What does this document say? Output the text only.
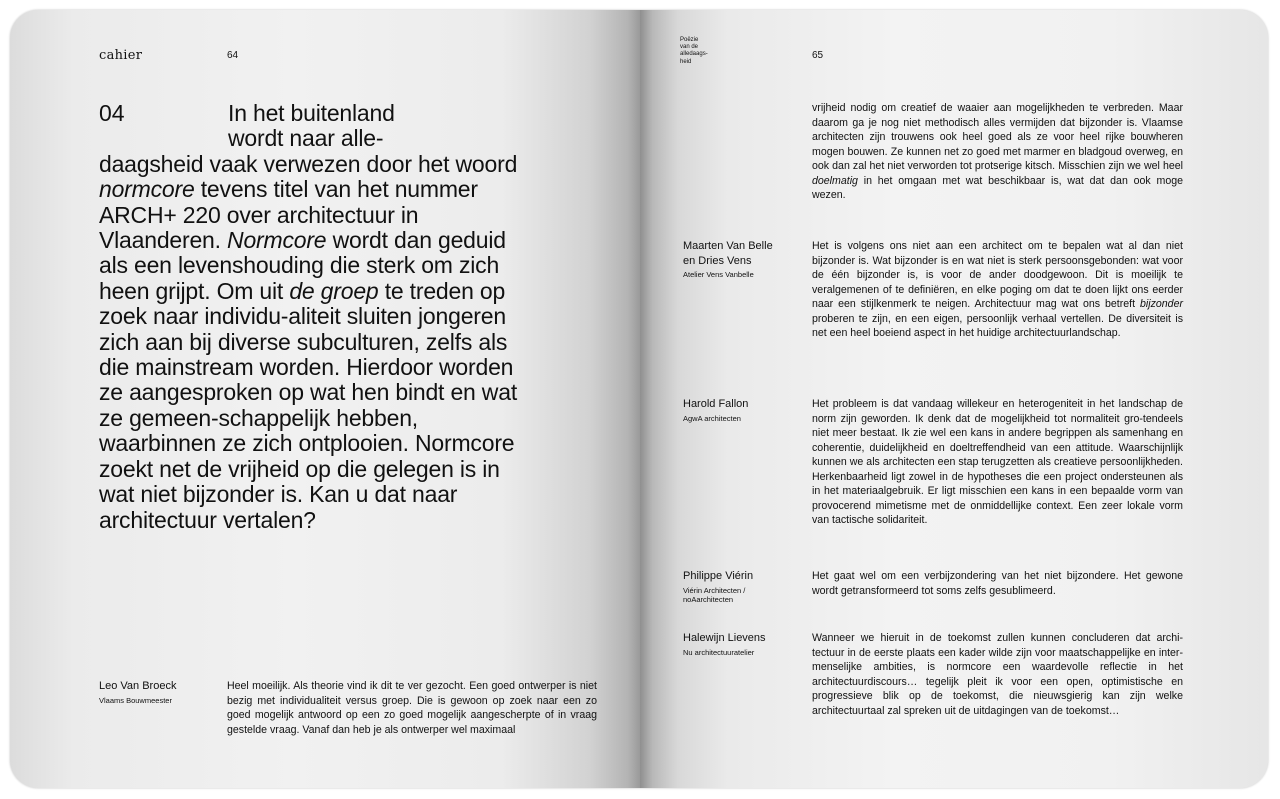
cahier	64
04	In het buitenland
wordt naar alle-
daagsheid vaak verwezen door het woord normcore tevens titel van het nummer ARCH+ 220 over architectuur in Vlaanderen. Normcore wordt dan geduid als een levenshouding die sterk om zich heen grijpt. Om uit de groep te treden op zoek naar individu-aliteit sluiten jongeren zich aan bij diverse subculturen, zelfs als die mainstream worden. Hierdoor worden ze aangesproken op wat hen bindt en wat ze gemeen-schappelijk hebben, waarbinnen ze zich ontplooien. Normcore zoekt net de vrijheid op die gelegen is in wat niet bijzonder is. Kan u dat naar architectuur vertalen?
Leo Van Broeck
Vlaams Bouwmeester
Heel moeilijk. Als theorie vind ik dit te ver gezocht. Een goed ontwerper is niet bezig met individualiteit versus groep. Die is gewoon op zoek naar een zo goed mogelijk antwoord op een zo goed mogelijk aangescherpte of in vraag gestelde vraag. Vanaf dan heb je als ontwerper wel maximaal
Poëzie
van de
alledaags-
heid
65
vrijheid nodig om creatief de waaier aan mogelijkheden te verbreden. Maar daarom ga je nog niet methodisch alles vermijden dat bijzonder is. Vlaamse architecten zijn trouwens ook heel goed als ze voor heel rijke bouwheren mogen bouwen. Ze kunnen net zo goed met marmer en bladgoud overweg, en ook dan zal het niet verworden tot protserige kitsch. Misschien zijn we wel heel doelmatig in het omgaan met wat beschikbaar is, wat dat dan ook moge wezen.
Maarten Van Belle
en Dries Vens
Atelier Vens Vanbelle
Het is volgens ons niet aan een architect om te bepalen wat al dan niet bijzonder is. Wat bijzonder is en wat niet is sterk persoonsgebonden: wat voor de één bijzonder is, is voor de ander doodgewoon. Dit is moeilijk te veralgemenen of te definiëren, en elke poging om dat te doen lijkt ons eerder naar een stijlkenmerk te neigen. Architectuur mag wat ons betreft bijzonder proberen te zijn, en een eigen, persoonlijk verhaal vertellen. De diversiteit is net een heel boeiend aspect in het huidige architectuurlandschap.
Harold Fallon
AgwA architecten
Het probleem is dat vandaag willekeur en heterogeniteit in het landschap de norm zijn geworden. Ik denk dat de mogelijkheid tot normaliteit gro-tendeels niet meer bestaat. Ik zie wel een kans in andere begrippen als samenhang en coherentie, duidelijkheid en doeltreffendheid van een attitude. Waarschijnlijk kunnen we als architecten een stap terugzetten als creatieve persoonlijkheden. Herkenbaarheid ligt zowel in de hypotheses die een project ondersteunen als in het materiaalgebruik. Er ligt misschien een kans in een bepaalde vorm van provocerend mimetisme met de onmiddellijke context. Een zeer lokale vorm van tactische solidariteit.
Philippe Viérin
Viérin Architecten /
noAarchitecten
Het gaat wel om een verbijzondering van het niet bijzondere. Het gewone wordt getransformeerd tot soms zelfs gesublimeerd.
Halewijn Lievens
Nu architectuuratelier
Wanneer we hieruit in de toekomst zullen kunnen concluderen dat archi-tectuur in de eerste plaats een kader wilde zijn voor maatschappelijke en inter-menselijke ambities, is normcore een waardevolle reflectie in het architectuurdiscours… tegelijk pleit ik voor een open, optimistische en progressieve blik op de toekomst, die nieuwsgierig kan zijn welke architectuurtaal zal spreken uit de uitdagingen van de toekomst…
